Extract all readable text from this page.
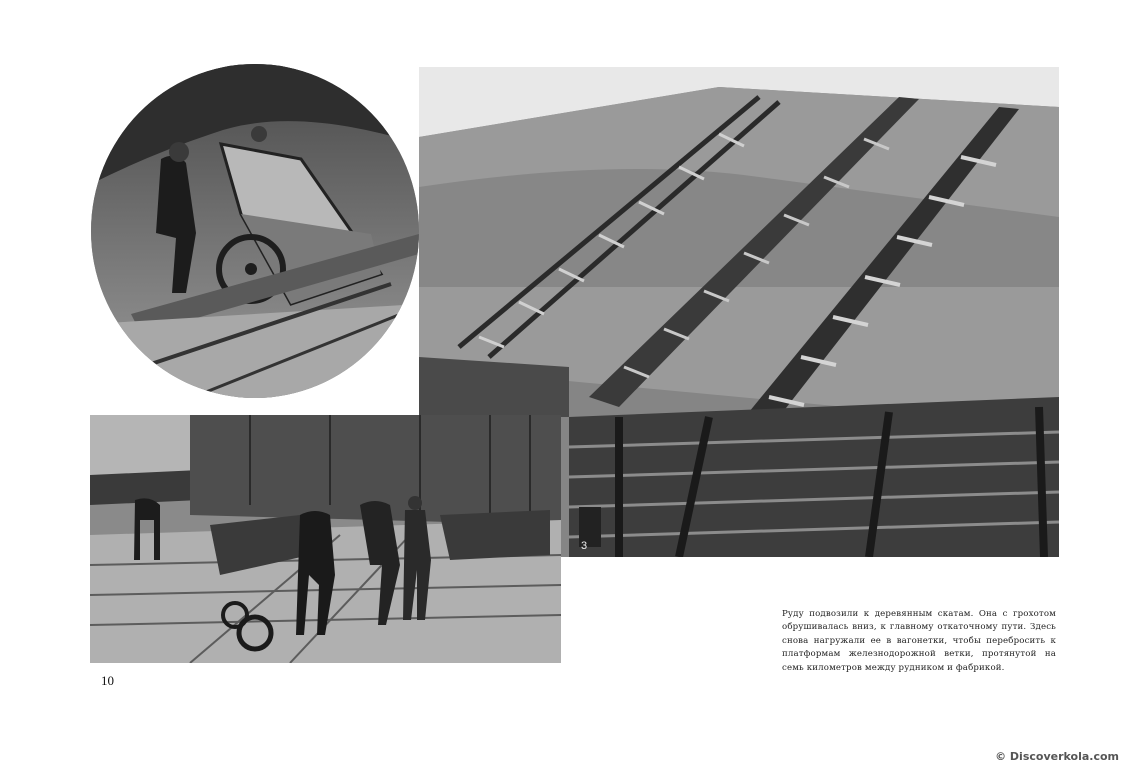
3
Руду подвозили к деревянным скатам. Она с грохотом обрушивалась вниз, к главному откаточному пути. Здесь снова нагружали ее в вагонетки, чтобы перебросить к платформам железнодорожной ветки, протянутой на семь километров между рудником и фабрикой.
10
© Discoverkola.com
